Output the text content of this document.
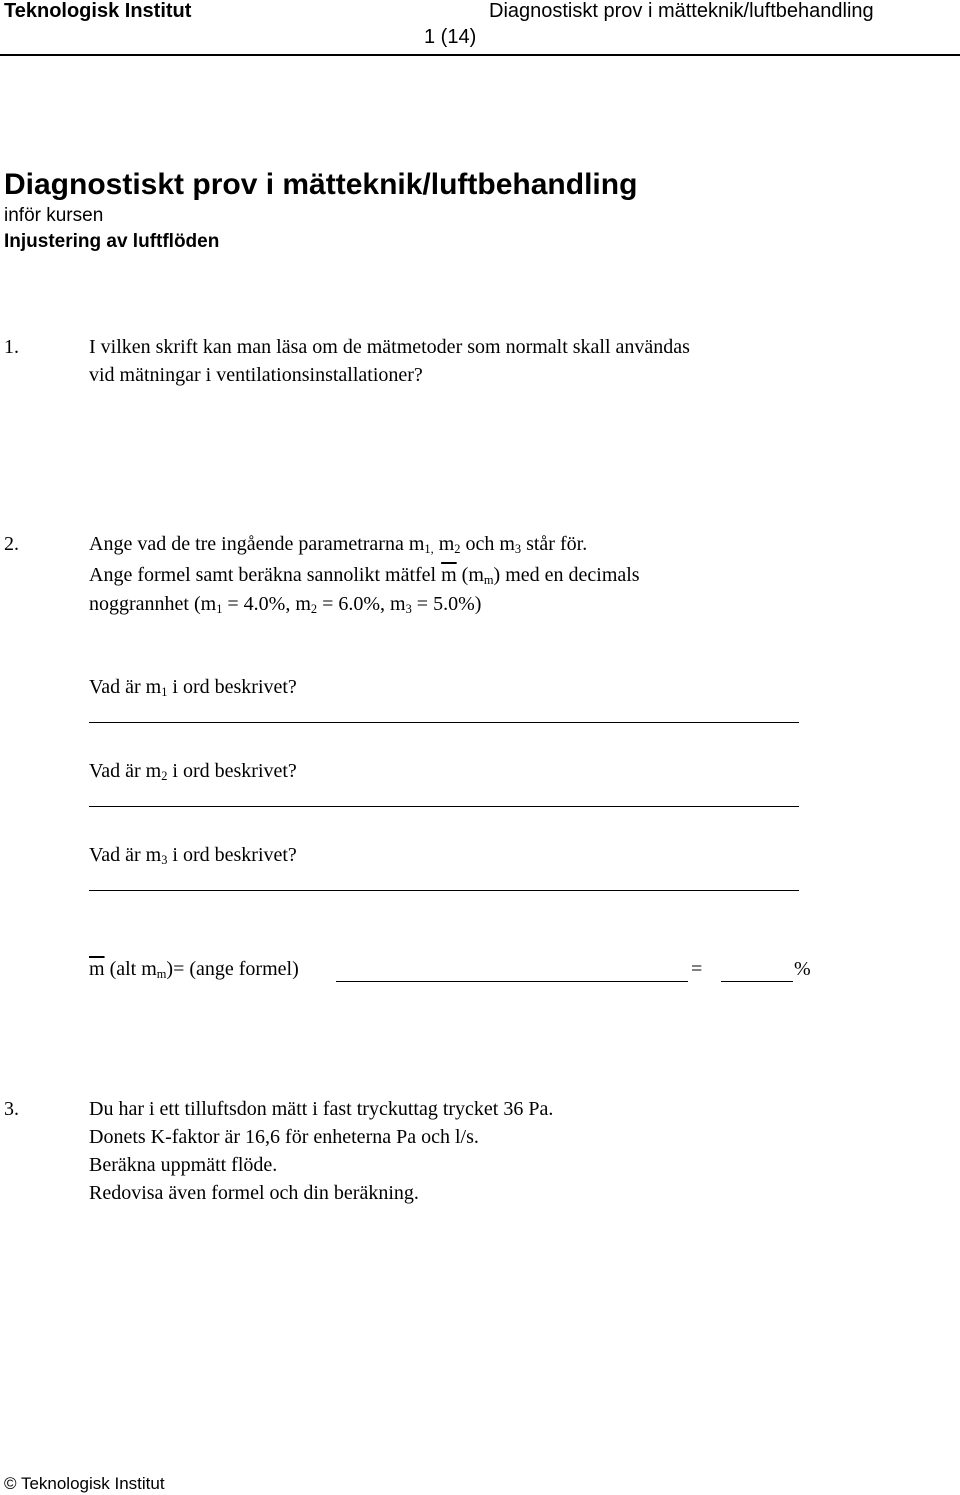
Teknologisk Institut	Diagnostiskt prov i mätteknik/luftbehandling
1 (14)
Diagnostiskt prov i mätteknik/luftbehandling
inför kursen
Injustering av luftflöden
1.	I vilken skrift kan man läsa om de mätmetoder som normalt skall användas
vid mätningar i ventilationsinstallationer?
2.	Ange vad de tre ingående parametrarna $m_{1,}$ $m_2$ och $m_3$ står för.
Ange formel samt beräkna sannolikt mätfel $\overline{m}$ $(m_m)$ med en decimals
noggrannhet ($m_1 = 4.0\%$, $m_2 = 6.0\%$, $m_3 = 5.0\%$)
Vad är $m_1$ i ord beskrivet?
Vad är $m_2$ i ord beskrivet?
Vad är $m_3$ i ord beskrivet?
$\overline{m}$ (alt $m_m)=$ (ange formel)	=	%
3.	Du har i ett tilluftsdon mätt i fast tryckuttag trycket 36 Pa.
Donets K-faktor är 16,6 för enheterna Pa och l/s.
Beräkna uppmätt flöde.
Redovisa även formel och din beräkning.
© Teknologisk Institut
